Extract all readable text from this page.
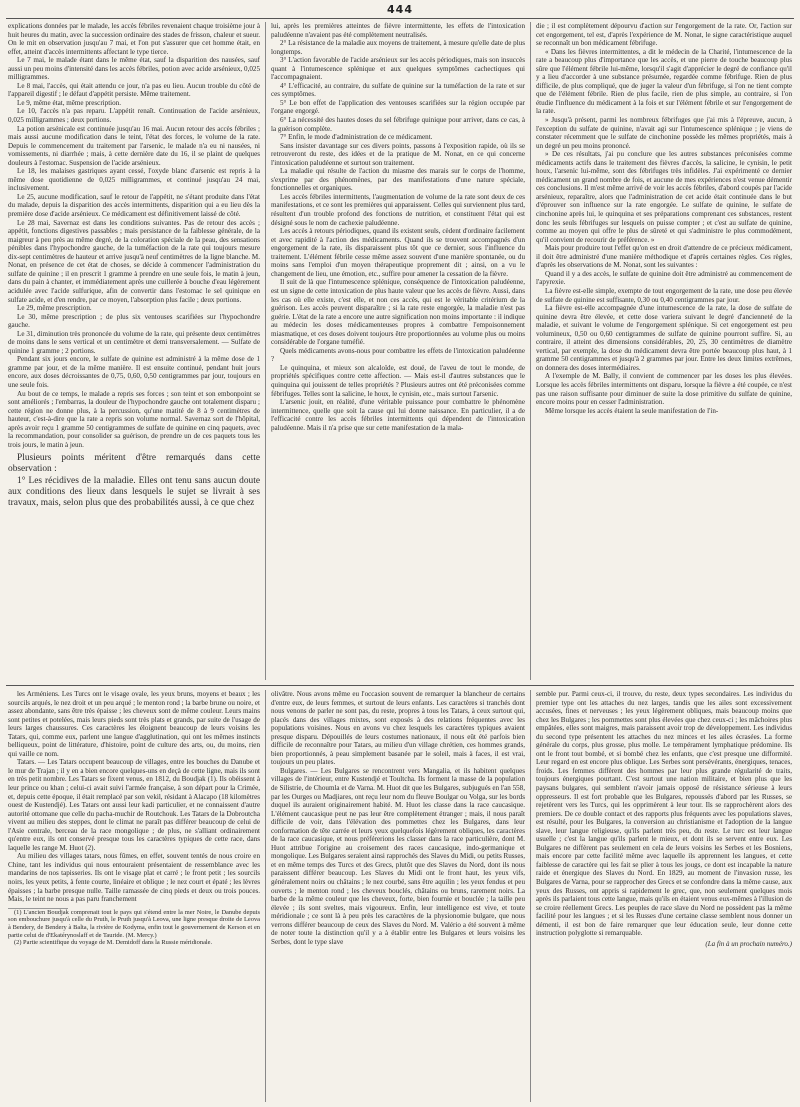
444

explications données par le malade, les accès fébriles revenaient chaque troisième jour à huit heures du matin, avec la succession ordinaire des stades de frisson, chaleur et sueur. On le mit en observation jusqu'au 7 mai, et l'on put s'assurer que cet homme était, en effet, atteint d'accès intermittents affectant le type tierce.

Le 7 mai, le malade étant dans le même état, sauf la disparition des nausées, sauf aussi un peu moins d'intensité dans les accès fébriles, potion avec acide arsénieux, 0,025 milligrammes.

Le 8 mai, l'accès, qui était attendu ce jour, n'a pas eu lieu. Aucun trouble du côté de l'appareil digestif ; le défaut d'appétit persiste. Même traitement.

Le 9, même état, même prescription.

Le 10, l'accès n'a pas reparu. L'appétit renaît. Continuation de l'acide arsénieux, 0,025 milligrammes ; deux portions.

La potion arsénicale est continuée jusqu'au 16 mai. Aucun retour des accès fébriles ; mais aussi aucune modification dans le teint, l'état des forces, le volume de la rate. Depuis le commencement du traitement par l'arsenic, le malade n'a eu ni nausées, ni vomissements, ni diarrhée ; mais, à cette dernière date du 16, il se plaint de quelques douleurs à l'estomac. Suspension de l'acide arsénieux.

Le 18, les malaises gastriques ayant cessé, l'oxyde blanc d'arsenic est repris à la même dose quotidienne de 0,025 milligrammes, et continué jusqu'au 24 mai, inclusivement.

Le 25, aucune modification, sauf le retour de l'appétit, ne s'étant produite dans l'état du malade, depuis la disparition des accès intermittents, disparition qui a eu lieu dès la première dose d'acide arsénieux. Ce médicament est définitivement laissé de côté.

Le 28 mai, Savernaz est dans les conditions suivantes. Pas de retour des accès ; appétit, fonctions digestives passables ; mais persistance de la faiblesse générale, de la maigreur à peu près au même degré, de la coloration spéciale de la peau, des sensations pénibles dans l'hypochondre gauche, de la tuméfaction de la rate qui toujours mesure dix-sept centimètres de hauteur et arrive jusqu'à neuf centimètres de la ligne blanche. M. Nonat, en présence de cet état de choses, se décide à commencer l'administration du sulfate de quinine ; il en prescrit 1 gramme à prendre en une seule fois, le matin à jeun, dans du pain à chanter, et immédiatement après une cuillerée à bouche d'eau légèrement acidulée avec l'acide sulfurique, afin de convertir dans l'estomac le sel quinique en sulfate acide, et d'en rendre, par ce moyen, l'absorption plus facile ; deux portions.

Le 29, même prescription.

Le 30, même prescription ; de plus six ventouses scarifiées sur l'hypochondre gauche.

Le 31, diminution très prononcée du volume de la rate, qui présente deux centimètres de moins dans le sens vertical et un centimètre et demi transversalement. — Sulfate de quinine 1 gramme ; 2 portions.

Pendant six jours encore, le sulfate de quinine est administré à la même dose de 1 gramme par jour, et de la même manière. Il est ensuite continué, pendant huit jours encore, aux doses décroissantes de 0,75, 0,60, 0,50 centigrammes par jour, toujours en une seule fois.

Au bout de ce temps, le malade a repris ses forces ; son teint et son embonpoint se sont améliorés ; l'embarras, la douleur de l'hypochondre gauche ont totalement disparu ; cette région ne donne plus, à la percussion, qu'une matité de 8 à 9 centimètres de hauteur, c'est-à-dire que la rate a repris son volume normal. Savernaz sort de l'hôpital, après avoir reçu 1 gramme 50 centigrammes de sulfate de quinine en cinq paquets, avec la recommandation, pour consolider sa guérison, de prendre un de ces paquets tous les trois jours, le matin à jeun.

Plusieurs points méritent d'être remarqués dans cette observation :

1° Les récidives de la maladie. Elles ont tenu sans aucun doute aux conditions des lieux dans lesquels le sujet se livrait à ses travaux, mais, selon plus que des probabilités aussi, à ce que chez

lui, après les premières atteintes de fièvre intermittente, les effets de l'intoxication paludéenne n'avaient pas été complètement neutralisés.

2° La résistance de la maladie aux moyens de traitement, à mesure qu'elle date de plus longtemps.

3° L'action favorable de l'acide arsénieux sur les accès périodiques, mais son insuccès quant à l'intumescence splénique et aux quelques symptômes cachectiques qui l'accompagnaient.

4° L'efficacité, au contraire, du sulfate de quinine sur la tuméfaction de la rate et sur ces symptômes.

5° Le bon effet de l'application des ventouses scarifiées sur la région occupée par l'organe engorgé.

6° La nécessité des hautes doses du sel fébrifuge quinique pour arriver, dans ce cas, à la guérison complète.

7° Enfin, le mode d'administration de ce médicament.

Sans insister davantage sur ces divers points, passons à l'exposition rapide, où ils se retrouveront du reste, des idées et de la pratique de M. Nonat, en ce qui concerne l'intoxication paludéenne et surtout son traitement.

La maladie qui résulte de l'action du miasme des marais sur le corps de l'homme, s'exprime par des phénomènes, par des manifestations d'une nature spéciale, fonctionnelles et organiques.

Les accès fébriles intermittents, l'augmentation de volume de la rate sont deux de ces manifestations, et ce sont les premières qui apparaissent. Celles qui surviennent plus tard, résultent d'un trouble profond des fonctions de nutrition, et constituent l'état qui est désigné sous le nom de cachexie paludéenne.

Les accès à retours périodiques, quand ils existent seuls, cèdent d'ordinaire facilement et avec rapidité à l'action des médicaments. Quand ils se trouvent accompagnés d'un engorgement de la rate, ils disparaissent plus tôt que ce dernier, sous l'influence du traitement. L'élément fébrile cesse même assez souvent d'une manière spontanée, ou du moins sans l'emploi d'un moyen thérapeutique proprement dit ; ainsi, on a vu le changement de lieu, une émotion, etc., suffire pour amener la cessation de la fièvre.

Il suit de là que l'intumescence splénique, conséquence de l'intoxication paludéenne, est un signe de cette intoxication de plus haute valeur que les accès de fièvre. Aussi, dans les cas où elle existe, c'est elle, et non ces accès, qui est le véritable critérium de la guérison. Les accès peuvent disparaître ; si la rate reste engorgée, la maladie n'est pas guérie. L'état de la rate a encore une autre signification non moins importante : il indique au médecin les doses médicamenteuses propres à combattre l'empoisonnement miasmatique, et ces doses doivent toujours être proportionnées au volume plus ou moins considérable de l'organe tuméfié.

Quels médicaments avons-nous pour combattre les effets de l'intoxication paludéenne ?

Le quinquina, et mieux son alcaloïde, est doué, de l'aveu de tout le monde, de propriétés spécifiques contre cette affection. — Mais est-il d'autres substances que le quinquina qui jouissent de telles propriétés ? Plusieurs autres ont été préconisées comme fébrifuges. Telles sont la salicine, le houx, le cynisin, etc., mais surtout l'arsenic.

L'arsenic jouit, en réalité, d'une véritable puissance pour combattre le phénomène intermittence, quelle que soit la cause qui lui donne naissance. En particulier, il a de l'efficacité contre les accès fébriles intermittents qui dépendent de l'intoxication paludéenne. Mais il n'a prise que sur cette manifestation de la mala-

die ; il est complètement dépourvu d'action sur l'engorgement de la rate. Or, l'action sur cet engorgement, tel est, d'après l'expérience de M. Nonat, le signe caractéristique auquel se reconnaît un bon médicament fébrifuge.

« Dans les fièvres intermittentes, a dit le médecin de la Charité, l'intumescence de la rate a beaucoup plus d'importance que les accès, et une pierre de touche beaucoup plus sûre que l'élément fébrile lui-même, lorsqu'il s'agit d'apprécier le degré de confiance qu'il y a lieu d'accorder à une substance présumée, regardée comme fébrifuge. Rien de plus difficile, de plus compliqué, que de juger la valeur d'un fébrifuge, si l'on ne tient compte que de l'élément fébrile. Rien de plus facile, rien de plus simple, au contraire, si l'on étudie l'influence du médicament à la fois et sur l'élément fébrile et sur l'engorgement de la rate.

» Jusqu'à présent, parmi les nombreux fébrifuges que j'ai mis à l'épreuve, aucun, à l'exception du sulfate de quinine, n'avait agi sur l'intumescence splénique ; je viens de constater récemment que le sulfate de cinchonine possède les mêmes propriétés, mais à un degré un peu moins prononcé.

» De ces résultats, j'ai pu conclure que les autres substances préconisées comme médicaments actifs dans le traitement des fièvres d'accès, la salicine, le cynisin, le petit houx, l'arsenic lui-même, sont des fébrifuges très infidèles. J'ai expérimenté ce dernier médicament un grand nombre de fois, et aucune de mes expériences n'est venue démentir ces conclusions. Il m'est même arrivé de voir les accès fébriles, d'abord coupés par l'acide arsénieux, reparaître, alors que l'administration de cet acide était continuée dans le but d'éprouver son influence sur la rate engorgée. Le sulfate de quinine, le sulfate de cinchonine après lui, le quinquina et ses préparations comprenant ces substances, restent donc les seuls fébrifuges sur lesquels on puisse compter ; et c'est au sulfate de quinine, comme au moyen qui offre le plus de sûreté et qui s'administre le plus commodément, qu'il convient de recourir de préférence. »

Mais pour produire tout l'effet qu'on est en droit d'attendre de ce précieux médicament, il doit être administré d'une manière méthodique et d'après certaines règles. Ces règles, d'après les observations de M. Nonat, sont les suivantes :

Quand il y a des accès, le sulfate de quinine doit être administré au commencement de l'apyrexie.

La fièvre est-elle simple, exempte de tout engorgement de la rate, une dose peu élevée de sulfate de quinine est suffisante, 0,30 ou 0,40 centigrammes par jour.

La fièvre est-elle accompagnée d'une intumescence de la rate, la dose de sulfate de quinine devra être élevée, et cette dose variera suivant le degré d'ancienneté de la maladie, et suivant le volume de l'engorgement splénique. Si cet engorgement est peu volumineux, 0,50 ou 0,60 centigrammes de sulfate de quinine pourront suffire. Si, au contraire, il atteint des dimensions considérables, 20, 25, 30 centimètres de diamètre vertical, par exemple, la dose du médicament devra être portée beaucoup plus haut, à 1 gramme 50 centigrammes et jusqu'à 2 grammes par jour. Entre les deux limites extrêmes, on donnera des doses intermédiaires.

A l'exemple de M. Bally, il convient de commencer par les doses les plus élevées. Lorsque les accès fébriles intermittents ont disparu, lorsque la fièvre a été coupée, ce n'est pas une raison suffisante pour diminuer de suite la dose primitive du sulfate de quinine, encore moins pour en cesser l'administration.

Même lorsque les accès étaient la seule manifestation de l'in-

les Arméniens. Les Turcs ont le visage ovale, les yeux bruns, moyens et beaux ; les sourcils arqués, le nez droit et un peu arqué ; le menton rond ; la barbe brune ou noire, et assez abondante, sans être très épaisse ; les cheveux sont de même couleur. Leurs mains sont petites et potelées, mais leurs pieds sont très plats et grands, par suite de l'usage de leurs larges chaussures. Ces caractères les éloignent beaucoup de leurs voisins les Tatars, qui, comme eux, parlent une langue d'agglutination, qui ont les mêmes instincts belliqueux, point de littérature, d'histoire, point de culture des arts, ou, du moins, rien qui vaille ce nom.

Tatars. — Les Tatars occupent beaucoup de villages, entre les bouches du Danube et le mur de Trajan ; il y en a bien encore quelques-uns en deçà de cette ligne, mais ils sont en très petit nombre. Les Tatars se fixent venus, en 1812, du Boudjak (1). Ils obéissent à leur prince ou khan ; celui-ci avait suivi l'armée française, à son départ pour la Crimée, et, depuis cette époque, il était remplacé par son vekil, résidant à Alacapo (18 kilomètres ouest de Kustendjé). Les Tatars ont aussi leur kadi particulier, et ne connaissent d'autre autorité ottomane que celle du pacha-muchir de Routchouk. Les Tatars de la Dobroutcha vivent au milieu des steppes, dont le climat ne paraît pas différer beaucoup de celui de l'Asie centrale, berceau de la race mongolique ; de plus, ne s'alliant ordinairement qu'entre eux, ils ont conservé presque tous les caractères typiques de cette race, dans laquelle les range M. Huot (2).

Au milieu des villages tatars, nous fûmes, en effet, souvent tentés de nous croire en Chine, tant les individus qui nous entouraient présentaient de ressemblance avec les mandarins de nos tapisseries. Ils ont le visage plat et carré ; le front petit ; les sourcils noirs, les yeux petits, à fente courte, linéaire et oblique ; le nez court et épaté ; les lèvres épaisses ; la barbe presque nulle. Taille ramassée de cinq pieds et deux ou trois pouces. Mais, le teint ne nous a pas paru franchement

(1) L'ancien Boudjak comprenait tout le pays qui s'étend entre la mer Noire, le Danube depuis son embouchure jusqu'à celle du Pruth, le Pruth jusqu'à Leova, une ligne presque droite de Leova à Bendery, de Bendery à Balta, la rivière de Kodyma, enfin tout le gouvernement de Kerson et en partie celui de d'Ekatérynoslaff et de Tauride. (M. Mercy.)

(2) Partie scientifique du voyage de M. Demidoff dans la Russie méridionale.

olivâtre. Nous avons même eu l'occasion souvent de remarquer la blancheur de certains d'entre eux, de leurs femmes, et surtout de leurs enfants. Les caractères si tranchés dont nous venons de parler ne sont pas, du reste, propres à tous les Tatars, à ceux surtout qui, placés dans des villages mixtes, sont exposés à des relations fréquentes avec les populations voisines. Nous en avons vu chez lesquels les caractères typiques avaient presque disparu. Dépouillés de leurs costumes nationaux, il nous eût été parfois bien difficile de reconnaître pour Tatars, au milieu d'un village chrétien, ces hommes grands, bien proportionnés, à peau simplement basanée par le soleil, mais à faces, il est vrai, toujours un peu plates.

Bulgares. — Les Bulgares se rencontrent vers Mangalia, et ils habitent quelques villages de l'intérieur, entre Kustendjé et Toultcha. Ils forment la masse de la population de Silistrie, de Choumla et de Varna. M. Huot dit que les Bulgares, subjugués en l'an 558, par les Ourges ou Madjiares, ont reçu leur nom du fleuve Boulgar ou Volga, sur les bords duquel ils auraient originairement habité. M. Huot les classe dans la race caucasique. L'élément caucasique peut ne pas leur être complètement étranger ; mais, il nous paraît difficile de voir, dans l'élévation des pommettes chez les Bulgares, dans leur conformation de tête carrée et leurs yeux quelquefois légèrement obliques, les caractères de la race caucasique, et nous préférerions les classer dans la race particulière, dont M. Huot attribue l'origine au croisement des races caucasique, indo-germanique et mongolique. Les Bulgares seraient ainsi rapprochés des Slaves du Midi, ou petits Russes, et en même temps des Turcs et des Grecs, plutôt que des Slaves du Nord, dont ils nous paraissent différer beaucoup. Les Slaves du Midi ont le front haut, les yeux vifs, généralement noirs ou châtains ; le nez courbé, sans être aquilin ; les yeux fendus et peu ouverts ; le menton rond ; les cheveux bouclés, châtains ou bruns, rarement noirs. La barbe de la même couleur que les cheveux, forte, bien fournie et bouclée ; la taille peu élevée ; ils sont sveltes, mais vigoureux. Enfin, leur intelligence est vive, et toute méridionale ; ce sont là à peu près les caractères de la physionomie bulgare, que nous verrons différer beaucoup de ceux des Slaves du Nord. M. Valério a été souvent à même de noter toute la distinction qu'il y a à établir entre les Bulgares et leurs voisins les Serbes, dont le type slave

semble pur. Parmi ceux-ci, il trouve, du reste, deux types secondaires. Les individus du premier type ont les attaches du nez larges, tandis que les ailes sont excessivement accusées, fines et nerveuses ; les yeux légèrement obliques, mais beaucoup moins que chez les Bulgares ; les pommettes sont plus élevées que chez ceux-ci ; les mâchoires plus empâtées, elles sont maigres, mais paraissent avoir trop de développement. Les individus du second type présentent les attaches du nez minces et les ailes écrasées. La forme générale du corps, plus grosse, plus molle. Le tempérament lymphatique prédomine. Ils ont le front tout bombé, et si bombé chez les enfants, que c'est presque une difformité. Leur regard en est encore plus oblique. Les Serbes sont persévérants, énergiques, tenaces, froids. Les femmes diffèrent des hommes par leur plus grande régularité de traits, toujours énergiques pourtant. C'est surtout une nation militaire, et bien plus que les paysans bulgares, qui semblent n'avoir jamais opposé de résistance sérieuse à leurs oppresseurs. Il est fort probable que les Bulgares, repoussés d'abord par les Russes, se rejetèrent vers les Turcs, qui les opprimèrent à leur tour. Ils se rapprochèrent alors des premiers. De ce double contact et des rapports plus fréquents avec les populations slaves, est résulté, pour les Bulgares, la conversion au christianisme et l'adoption de la langue slave, leur langue religieuse, qu'ils parlent très peu, du reste. Le turc est leur langue usuelle ; c'est la langue qu'ils parlent le mieux, et dont ils se servent entre eux. Les Bulgares ne diffèrent pas seulement en cela de leurs voisins les Serbes et les Bosniens, mais encore par cette facilité même avec laquelle ils apprennent les langues, et cette faiblesse de caractère qui les fait se plier à tous les jougs, ce dont est incapable la nature raide et énergique des Slaves du Nord. En 1829, au moment de l'invasion russe, les Bulgares de Varna, pour se rapprocher des Grecs et se confondre dans la même cause, aux yeux des Russes, ont appris si rapidement le grec, que, non seulement quelques mois après ils parlaient tous cette langue, mais qu'ils en étaient venus eux-mêmes à l'illusion de se croire réellement Grecs. Les peuples de race slave du Nord ne possèdent pas la même facilité pour les langues ; et si les Russes d'une certaine classe semblent nous donner un démenti, il est bon de faire remarquer que leur éducation seule, leur donne cette instruction polyglotte si remarquable.

(La fin à un prochain numéro.)
